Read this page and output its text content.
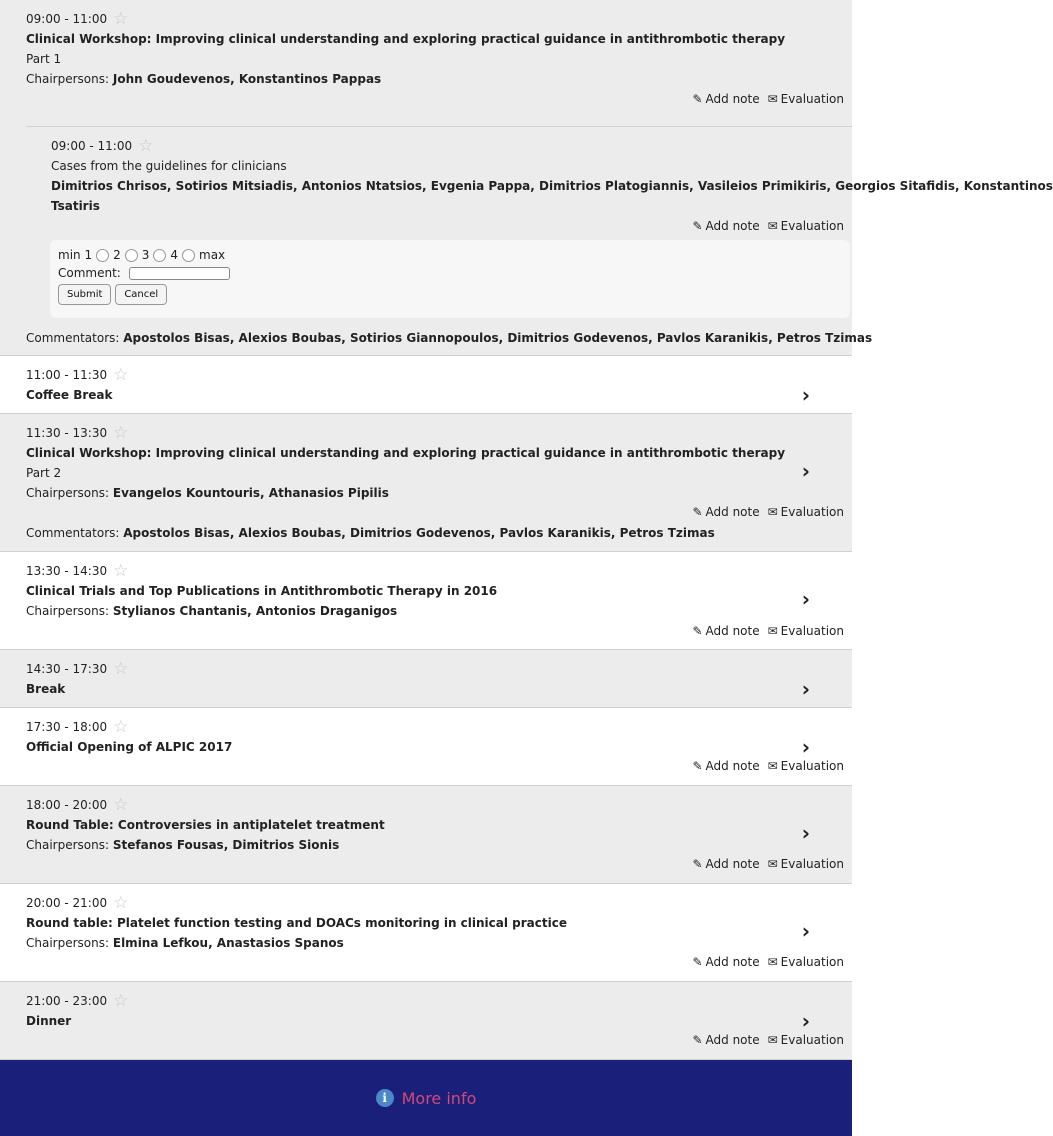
09:00 - 11:00 ☆
Clinical Workshop: Improving clinical understanding and exploring practical guidance in antithrombotic therapy
Part 1
Chairpersons: John Goudevenos, Konstantinos Pappas
✎ Add note ✉ Evaluation
09:00 - 11:00 ☆
Cases from the guidelines for clinicians
Dimitrios Chrisos, Sotirios Mitsiadis, Antonios Ntatsios, Evgenia Pappa, Dimitrios Platogiannis, Vasileios Primikiris, Georgios Sitafidis, Konstantinos
Tsatiris
✎ Add note ✉ Evaluation
min 1 2 3 4 max
Comment:
Submit Cancel
Commentators: Apostolos Bisas, Alexios Boubas, Sotirios Giannopoulos, Dimitrios Godevenos, Pavlos Karanikis, Petros Tzimas
11:00 - 11:30 ☆
Coffee Break	›
11:30 - 13:30 ☆
Clinical Workshop: Improving clinical understanding and exploring practical guidance in antithrombotic therapy
Part 2
Chairpersons: Evangelos Kountouris, Athanasios Pipilis
›
✎ Add note ✉ Evaluation
Commentators: Apostolos Bisas, Alexios Boubas, Dimitrios Godevenos, Pavlos Karanikis, Petros Tzimas
13:30 - 14:30 ☆
Clinical Trials and Top Publications in Antithrombotic Therapy in 2016
Chairpersons: Stylianos Chantanis, Antonios Draganigos	›
✎ Add note ✉ Evaluation
14:30 - 17:30 ☆
Break	›
17:30 - 18:00 ☆
Official Opening of ALPIC 2017	›
✎ Add note ✉ Evaluation
18:00 - 20:00 ☆
Round Table: Controversies in antiplatelet treatment
Chairpersons: Stefanos Fousas, Dimitrios Sionis	›
✎ Add note ✉ Evaluation
20:00 - 21:00 ☆
Round table: Platelet function testing and DOACs monitoring in clinical practice
Chairpersons: Elmina Lefkou, Anastasios Spanos	›
✎ Add note ✉ Evaluation
21:00 - 23:00 ☆
Dinner	›
✎ Add note ✉ Evaluation
i More info
